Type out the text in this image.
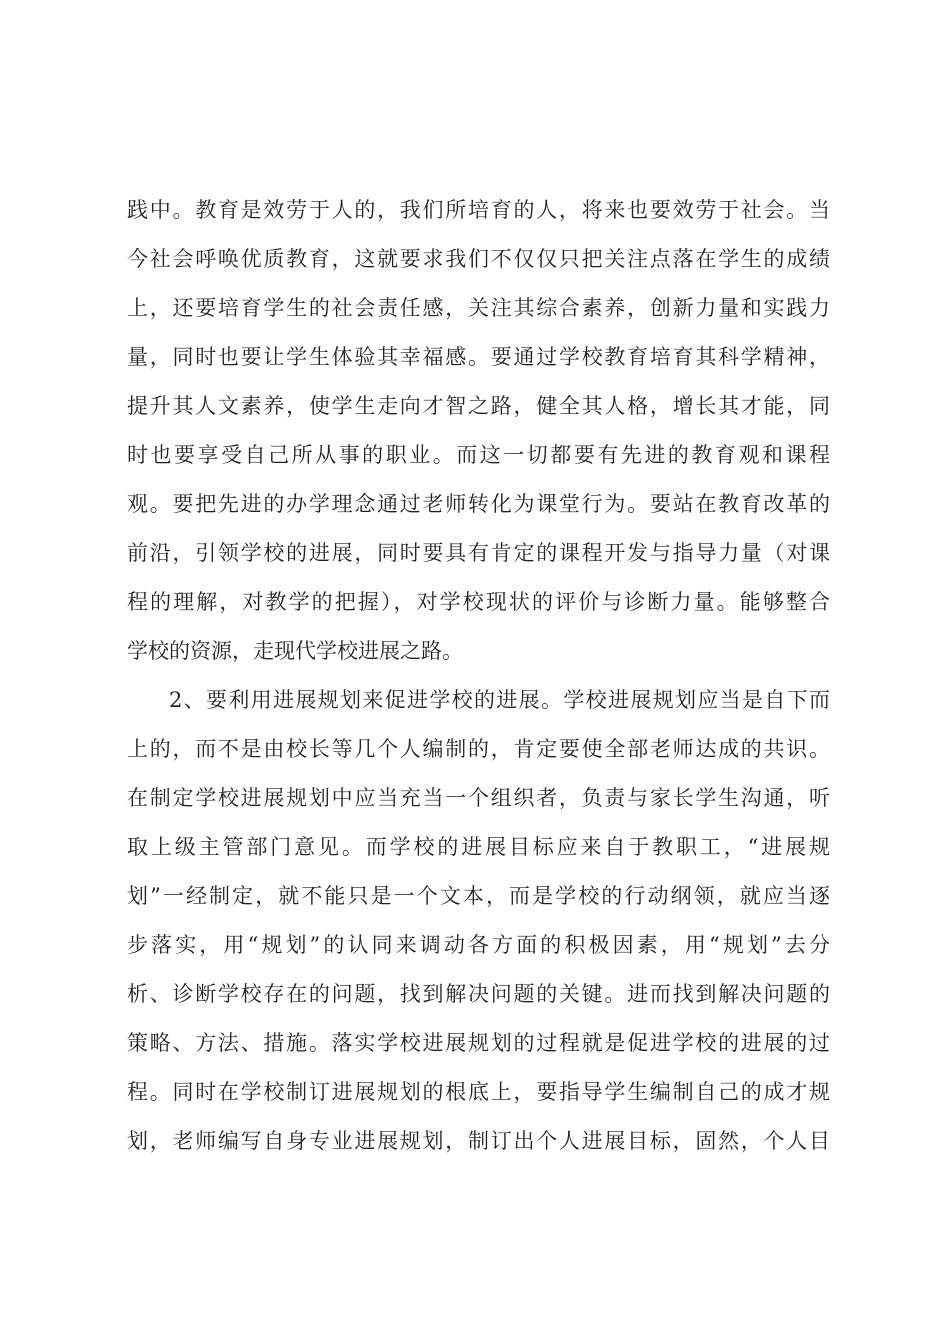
践中。教育是效劳于人的，我们所培育的人，将来也要效劳于社会。当
今社会呼唤优质教育，这就要求我们不仅仅只把关注点落在学生的成绩
上，还要培育学生的社会责任感，关注其综合素养，创新力量和实践力
量，同时也要让学生体验其幸福感。要通过学校教育培育其科学精神，
提升其人文素养，使学生走向才智之路，健全其人格，增长其才能，同
时也要享受自己所从事的职业。而这一切都要有先进的教育观和课程
观。要把先进的办学理念通过老师转化为课堂行为。要站在教育改革的
前沿，引领学校的进展，同时要具有肯定的课程开发与指导力量（对课
程的理解，对教学的把握），对学校现状的评价与诊断力量。能够整合
学校的资源，走现代学校进展之路。
2、要利用进展规划来促进学校的进展。学校进展规划应当是自下而
上的，而不是由校长等几个人编制的，肯定要使全部老师达成的共识。
在制定学校进展规划中应当充当一个组织者，负责与家长学生沟通，听
取上级主管部门意见。而学校的进展目标应来自于教职工，“进展规
划”一经制定，就不能只是一个文本，而是学校的行动纲领，就应当逐
步落实，用“规划”的认同来调动各方面的积极因素，用“规划”去分
析、诊断学校存在的问题，找到解决问题的关键。进而找到解决问题的
策略、方法、措施。落实学校进展规划的过程就是促进学校的进展的过
程。同时在学校制订进展规划的根底上，要指导学生编制自己的成才规
划，老师编写自身专业进展规划，制订出个人进展目标，固然，个人目
